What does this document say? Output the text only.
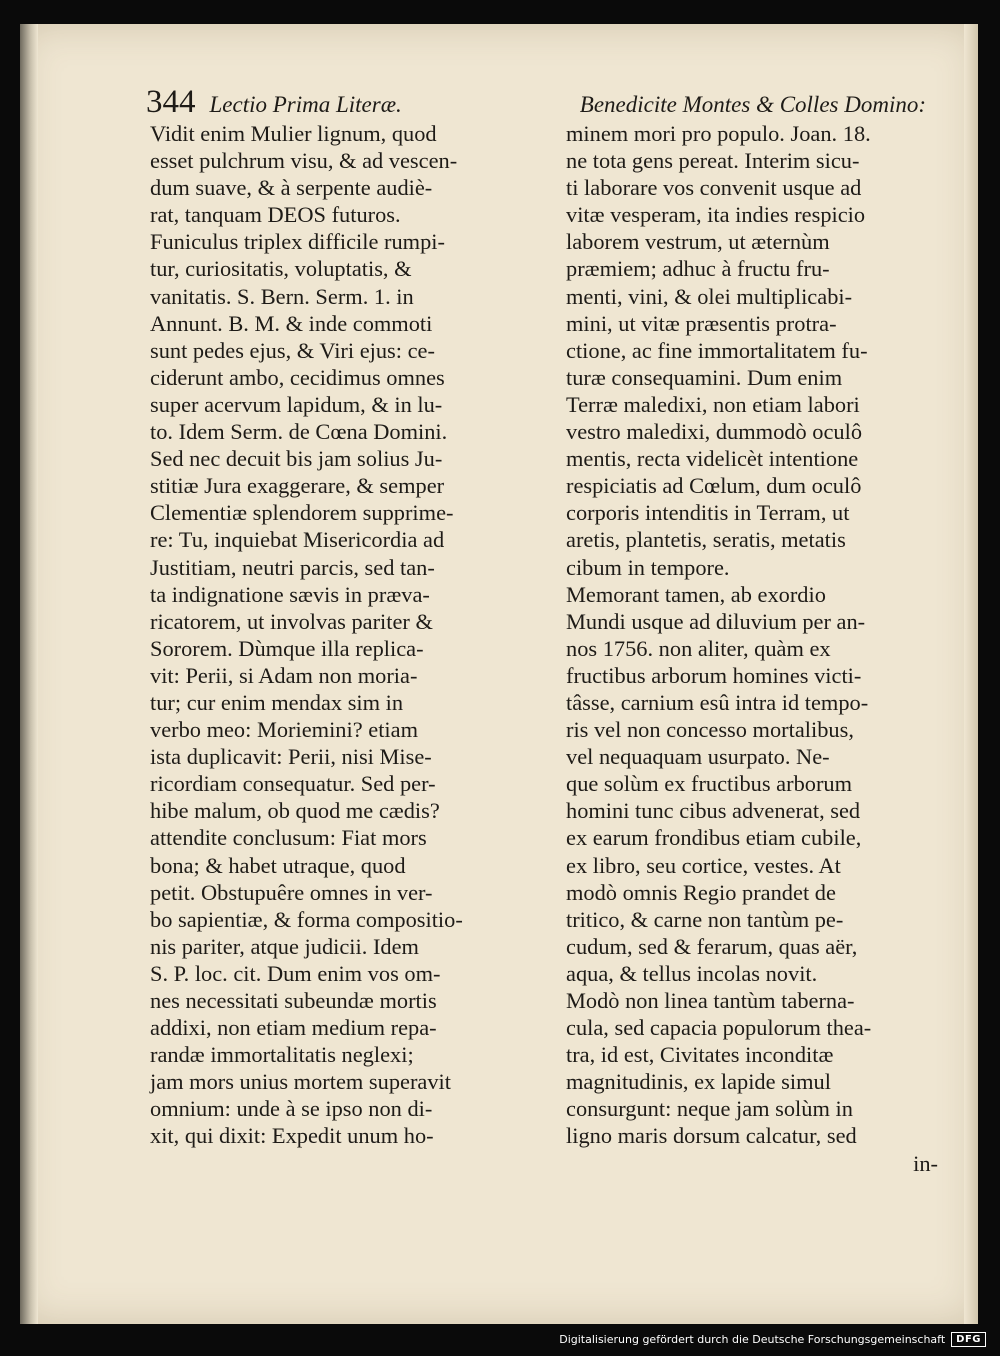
344 Lectio Prima Literæ.	Benedicite Montes & Colles Domino:
Vidit enim Mulier lignum, quod
esset pulchrum visu, & ad vescen-
dum suave, & à serpente audiè-
rat, tanquam DEOS futuros.
Funiculus triplex difficile rumpi-
tur, curiositatis, voluptatis, &
vanitatis. S. Bern. Serm. 1. in
Annunt. B. M. & inde commoti
sunt pedes ejus, & Viri ejus: ce-
ciderunt ambo, cecidimus omnes
super acervum lapidum, & in lu-
to. Idem Serm. de Cœna Domini.
Sed nec decuit bis jam solius Ju-
stitiæ Jura exaggerare, & semper
Clementiæ splendorem supprime-
re: Tu, inquiebat Misericordia ad
Justitiam, neutri parcis, sed tan-
ta indignatione sævis in præva-
ricatorem, ut involvas pariter &
Sororem. Dùmque illa replica-
vit: Perii, si Adam non moria-
tur; cur enim mendax sim in
verbo meo: Moriemini? etiam
ista duplicavit: Perii, nisi Mise-
ricordiam consequatur. Sed per-
hibe malum, ob quod me cædis?
attendite conclusum: Fiat mors
bona; & habet utraque, quod
petit. Obstupuêre omnes in ver-
bo sapientiæ, & forma compositio-
nis pariter, atque judicii. Idem
S. P. loc. cit. Dum enim vos om-
nes necessitati subeundæ mortis
addixi, non etiam medium repa-
randæ immortalitatis neglexi;
jam mors unius mortem superavit
omnium: unde à se ipso non di-
xit, qui dixit: Expedit unum ho-
minem mori pro populo. Joan. 18.
ne tota gens pereat. Interim sicu-
ti laborare vos convenit usque ad
vitæ vesperam, ita indies respicio
laborem vestrum, ut æternùm
præmiem; adhuc à fructu fru-
menti, vini, & olei multiplicabi-
mini, ut vitæ præsentis protra-
ctione, ac fine immortalitatem fu-
turæ consequamini. Dum enim
Terræ maledixi, non etiam labori
vestro maledixi, dummodò oculô
mentis, recta videlicèt intentione
respiciatis ad Cœlum, dum oculô
corporis intenditis in Terram, ut
aretis, plantetis, seratis, metatis
cibum in tempore.
Memorant tamen, ab exordio
Mundi usque ad diluvium per an-
nos 1756. non aliter, quàm ex
fructibus arborum homines victi-
tâsse, carnium esû intra id tempo-
ris vel non concesso mortalibus,
vel nequaquam usurpato. Ne-
que solùm ex fructibus arborum
homini tunc cibus advenerat, sed
ex earum frondibus etiam cubile,
ex libro, seu cortice, vestes. At
modò omnis Regio prandet de
tritico, & carne non tantùm pe-
cudum, sed & ferarum, quas aër,
aqua, & tellus incolas novit.
Modò non linea tantùm taberna-
cula, sed capacia populorum thea-
tra, id est, Civitates inconditæ
magnitudinis, ex lapide simul
consurgunt: neque jam solùm in
ligno maris dorsum calcatur, sed
in-
Digitalisierung gefördert durch die Deutsche Forschungsgemeinschaft	DFG
